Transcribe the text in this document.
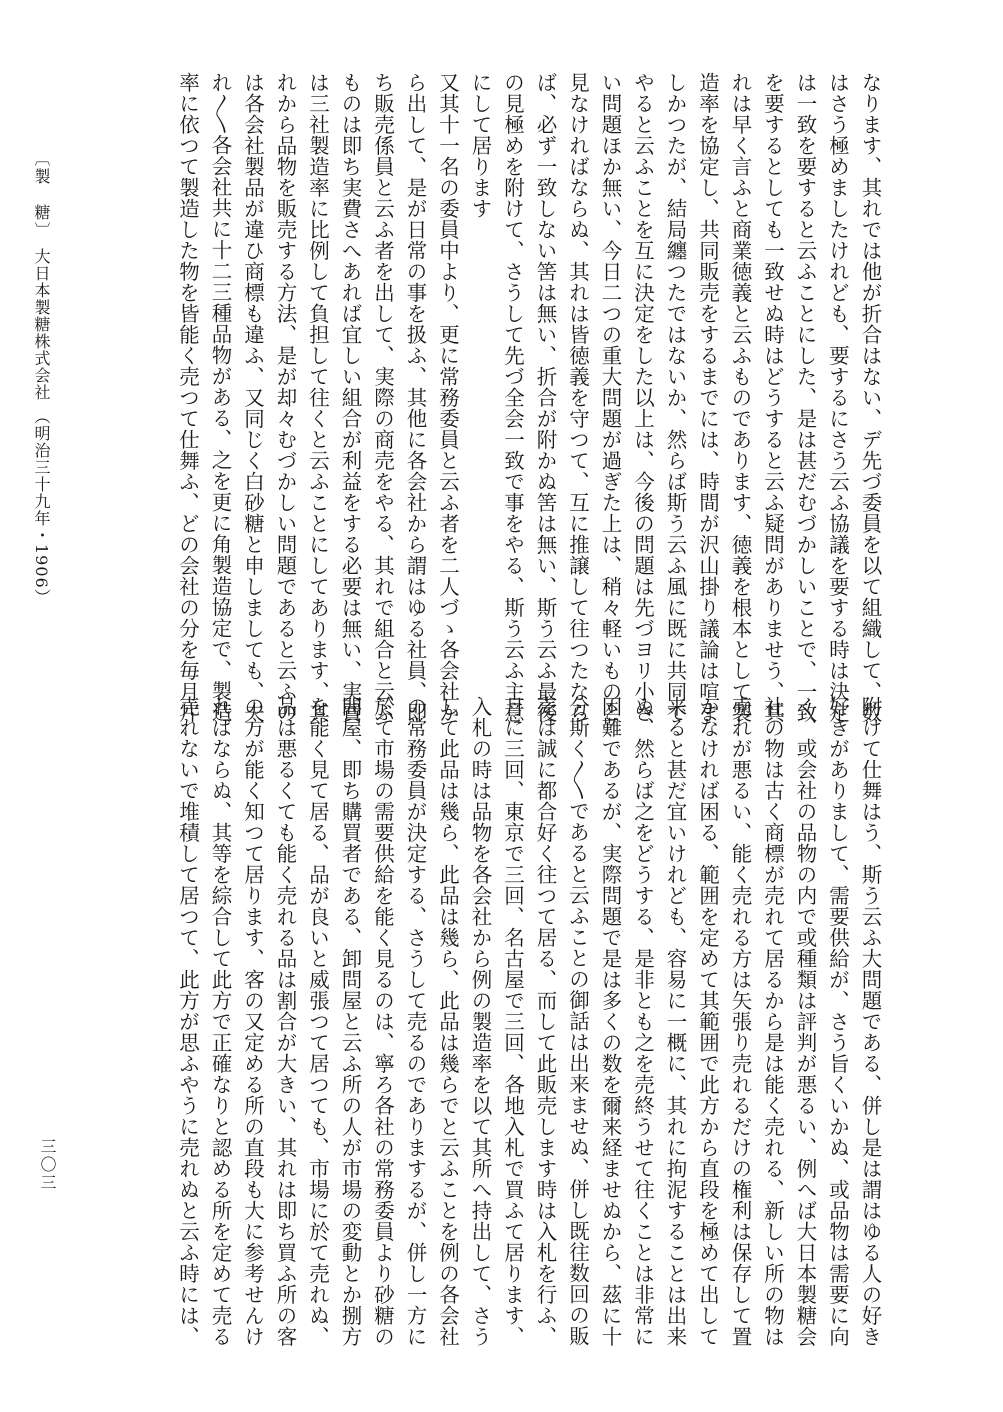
なります、其れでは他が折合はない、デ先づ委員を以て組織して、数
はさう極めましたけれども、要するにさう云ふ協議を要する時は決定
は一致を要すると云ふことにした、是は甚だむづかしいことで、一致
を要するとしても一致せぬ時はどうすると云ふ疑問がありませう、其
れは早く言ふと商業徳義と云ふものであります、徳義を根本として製
造率を協定し、共同販売をするまでには、時間が沢山掛り議論は喧ま
しかつたが、結局纏つたではないか、然らば斯う云ふ風に既に共同で
やると云ふことを互に決定をした以上は、今後の問題は先づヨリ小さ
い問題ほか無い、今日二つの重大問題が過ぎた上は、稍々軽いものと
見なければならぬ、其れは皆徳義を守つて、互に推譲して往つたなら
ば、必ず一致しない筈は無い、折合が附かぬ筈は無い、斯う云ふ最後
の見極めを附けて、さうして先づ全会一致で事をやる、斯う云ふ主意
にして居ります
又其十一名の委員中より、更に常務委員と云ふ者を二人づゝ各会社か
ら出して、是が日常の事を扱ふ、其他に各会社から謂はゆる社員、即
ち販売係員と云ふ者を出して、実際の商売をやる、其れで組合と云ふ
ものは即ち実費さへあれば宜しい組合が利益をする必要は無い、実費
は三社製造率に比例して負担して往くと云ふことにしてあります、其
れから品物を販売する方法、是が却々むづかしい問題であると云ふの
は各会社製品が違ひ商標も違ふ、又同じく白砂糖と申しましても、夫
れ〳〵各会社共に十二三種品物がある、之を更に角製造協定で、製造
率に依つて製造した物を皆能く売つて仕舞ふ、どの会社の分を毎月片
附けて仕舞はう、斯う云ふ大問題である、併し是は謂はゆる人の好き
好きがありまして、需要供給が、さう旨くいかぬ、或品物は需要に向
く、或会社の品物の内で或種類は評判が悪るい、例へば大日本製糖会
社の物は古く商標が売れて居るから是は能く売れる、新しい所の物は
売れが悪るい、能く売れる方は矢張り売れるだけの権利は保存して置
かなければ困る、範囲を定めて其範囲で此方から直段を極めて出して
来ると甚だ宜いけれども、容易に一概に、其れに拘泥することは出来
ぬ、然らば之をどうする、是非とも之を売終うせて往くことは非常に
困難であるが、実際問題で是は多くの数を爾来経ませぬから、茲に十
分斯く〳〵であると云ふことの御話は出来ませぬ、併し既往数回の販
売は誠に都合好く往つて居る、而して此販売します時は入札を行ふ、
月に三回、東京で三回、名古屋で三回、各地入札で買ふて居ります、
入札の時は品物を各会社から例の製造率を以て其所へ持出して、さう
して此品は幾ら、此品は幾ら、此品は幾らでと云ふことを例の各会社
の常務委員が決定する、さうして売るのでありまするが、併し一方に
於て市場の需要供給を能く見るのは、寧ろ各社の常務委員より砂糖の
問屋、即ち購買者である、卸問屋と云ふ所の人が市場の変動とか捌方
を能く見て居る、品が良いと威張つて居つても、市場に於て売れぬ、
品は悪るくても能く売れる品は割合が大きい、其れは即ち買ふ所の客
の方が能く知つて居ります、客の又定める所の直段も大に参考せんけ
ればならぬ、其等を綜合して此方で正確なりと認める所を定めて売る
売れないで堆積して居つて、此方が思ふやうに売れぬと云ふ時には、
〔製　糖〕
大日本製糖株式会社
（明治三十九年・1906）
三〇三
